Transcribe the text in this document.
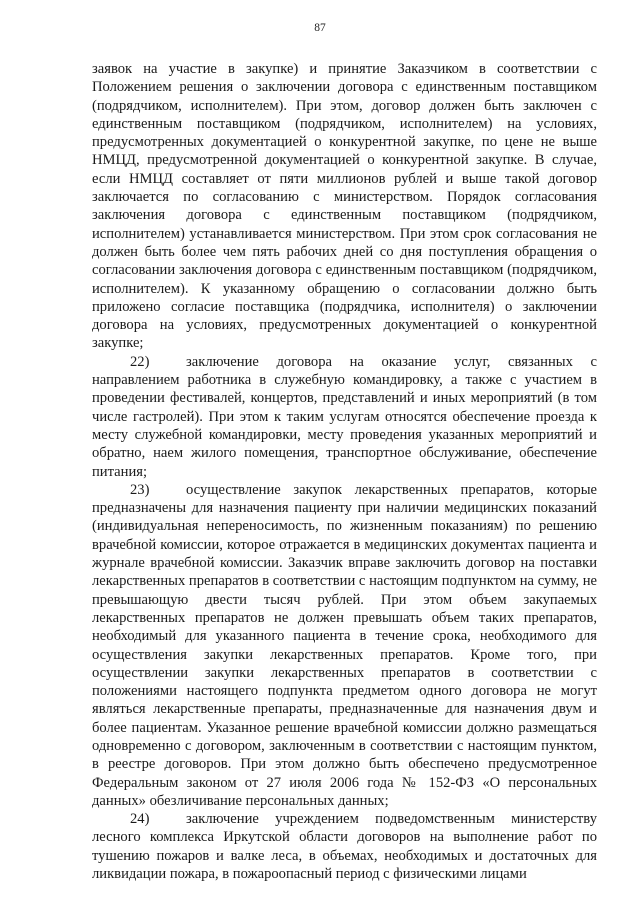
87

заявок на участие в закупке) и принятие Заказчиком в соответствии с Положением решения о заключении договора с единственным поставщиком (подрядчиком, исполнителем). При этом, договор должен быть заключен с единственным поставщиком (подрядчиком, исполнителем) на условиях, предусмотренных документацией о конкурентной закупке, по цене не выше НМЦД, предусмотренной документацией о конкурентной закупке. В случае, если НМЦД составляет от пяти миллионов рублей и выше такой договор заключается по согласованию с министерством. Порядок согласования заключения договора с единственным поставщиком (подрядчиком, исполнителем) устанавливается министерством. При этом срок согласования не должен быть более чем пять рабочих дней со дня поступления обращения о согласовании заключения договора с единственным поставщиком (подрядчиком, исполнителем). К указанному обращению о согласовании должно быть приложено согласие поставщика (подрядчика, исполнителя) о заключении договора на условиях, предусмотренных документацией о конкурентной закупке;

22)	заключение договора на оказание услуг, связанных с направлением работника в служебную командировку, а также с участием в проведении фестивалей, концертов, представлений и иных мероприятий (в том числе гастролей). При этом к таким услугам относятся обеспечение проезда к месту служебной командировки, месту проведения указанных мероприятий и обратно, наем жилого помещения, транспортное обслуживание, обеспечение питания;

23)	осуществление закупок лекарственных препаратов, которые предназначены для назначения пациенту при наличии медицинских показаний (индивидуальная непереносимость, по жизненным показаниям) по решению врачебной комиссии, которое отражается в медицинских документах пациента и журнале врачебной комиссии. Заказчик вправе заключить договор на поставки лекарственных препаратов в соответствии с настоящим подпунктом на сумму, не превышающую двести тысяч рублей. При этом объем закупаемых лекарственных препаратов не должен превышать объем таких препаратов, необходимый для указанного пациента в течение срока, необходимого для осуществления закупки лекарственных препаратов. Кроме того, при осуществлении закупки лекарственных препаратов в соответствии с положениями настоящего подпункта предметом одного договора не могут являться лекарственные препараты, предназначенные для назначения двум и более пациентам. Указанное решение врачебной комиссии должно размещаться одновременно с договором, заключенным в соответствии с настоящим пунктом, в реестре договоров. При этом должно быть обеспечено предусмотренное Федеральным законом от 27 июля 2006 года № 152-ФЗ «О персональных данных» обезличивание персональных данных;

24)	заключение учреждением подведомственным министерству лесного комплекса Иркутской области договоров на выполнение работ по тушению пожаров и валке леса, в объемах, необходимых и достаточных для ликвидации пожара, в пожароопасный период с физическими лицами
